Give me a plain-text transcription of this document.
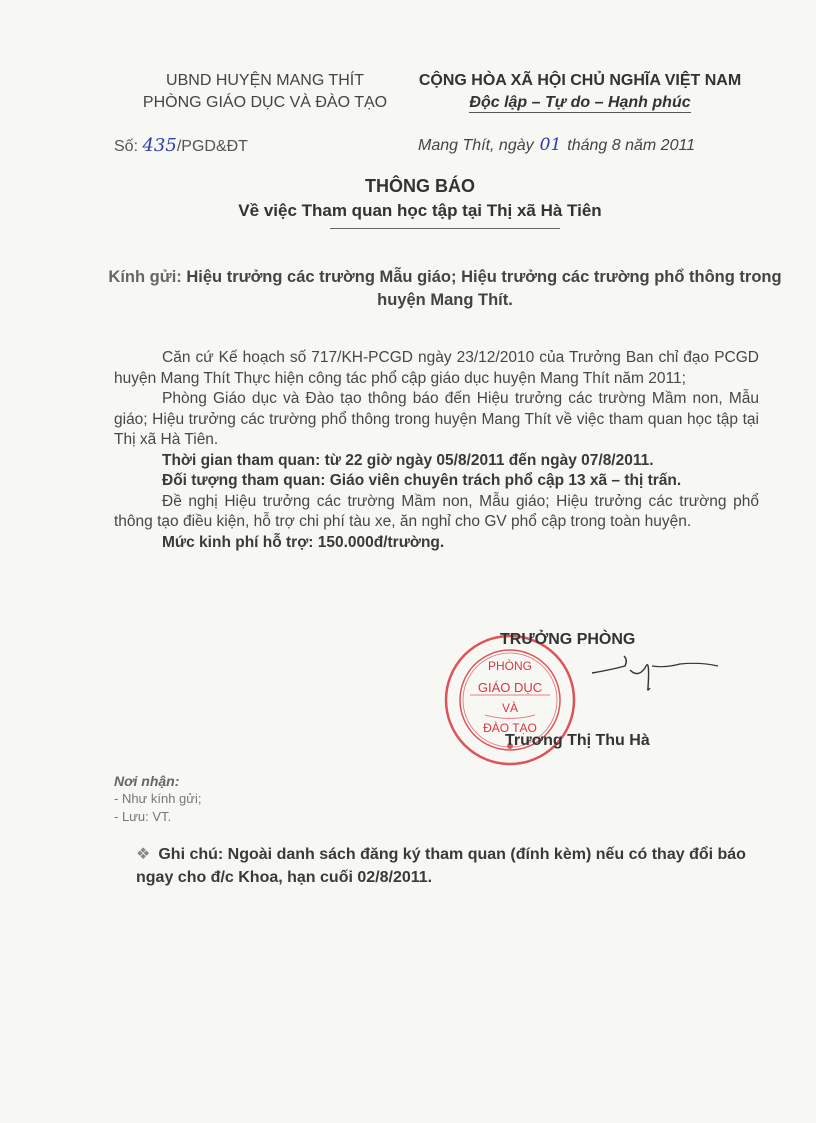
UBND HUYỆN MANG THÍT
PHÒNG GIÁO DỤC VÀ ĐÀO TẠO
CỘNG HÒA XÃ HỘI CHỦ NGHĨA VIỆT NAM
Độc lập – Tự do – Hạnh phúc
Số: 435/PGD&ĐT	Mang Thít, ngày 01 tháng 8 năm 2011
THÔNG BÁO
Về việc Tham quan học tập tại Thị xã Hà Tiên
Kính gửi: Hiệu trưởng các trường Mẫu giáo; Hiệu trưởng các trường phổ thông trong huyện Mang Thít.

Căn cứ Kế hoạch số 717/KH-PCGD ngày 23/12/2010 của Trưởng Ban chỉ đạo PCGD huyện Mang Thít Thực hiện công tác phổ cập giáo dục huyện Mang Thít năm 2011;

Phòng Giáo dục và Đào tạo thông báo đến Hiệu trưởng các trường Mầm non, Mẫu giáo; Hiệu trưởng các trường phổ thông trong huyện Mang Thít về việc tham quan học tập tại Thị xã Hà Tiên.

Thời gian tham quan: từ 22 giờ ngày 05/8/2011 đến ngày 07/8/2011.

Đối tượng tham quan: Giáo viên chuyên trách phổ cập 13 xã – thị trấn.

Đề nghị Hiệu trưởng các trường Mầm non, Mẫu giáo; Hiệu trưởng các trường phổ thông tạo điều kiện, hỗ trợ chi phí tàu xe, ăn nghỉ cho GV phổ cập trong toàn huyện.

Mức kinh phí hỗ trợ: 150.000đ/trường.

PHÒNG
GIÁO DỤC
VÀ
ĐÀO TẠO
TRƯỞNG PHÒNG
Trương Thị Thu Hà
Nơi nhận:
- Như kính gửi;
- Lưu: VT.
❖ Ghi chú: Ngoài danh sách đăng ký tham quan (đính kèm) nếu có thay đổi báo ngay cho đ/c Khoa, hạn cuối 02/8/2011.
